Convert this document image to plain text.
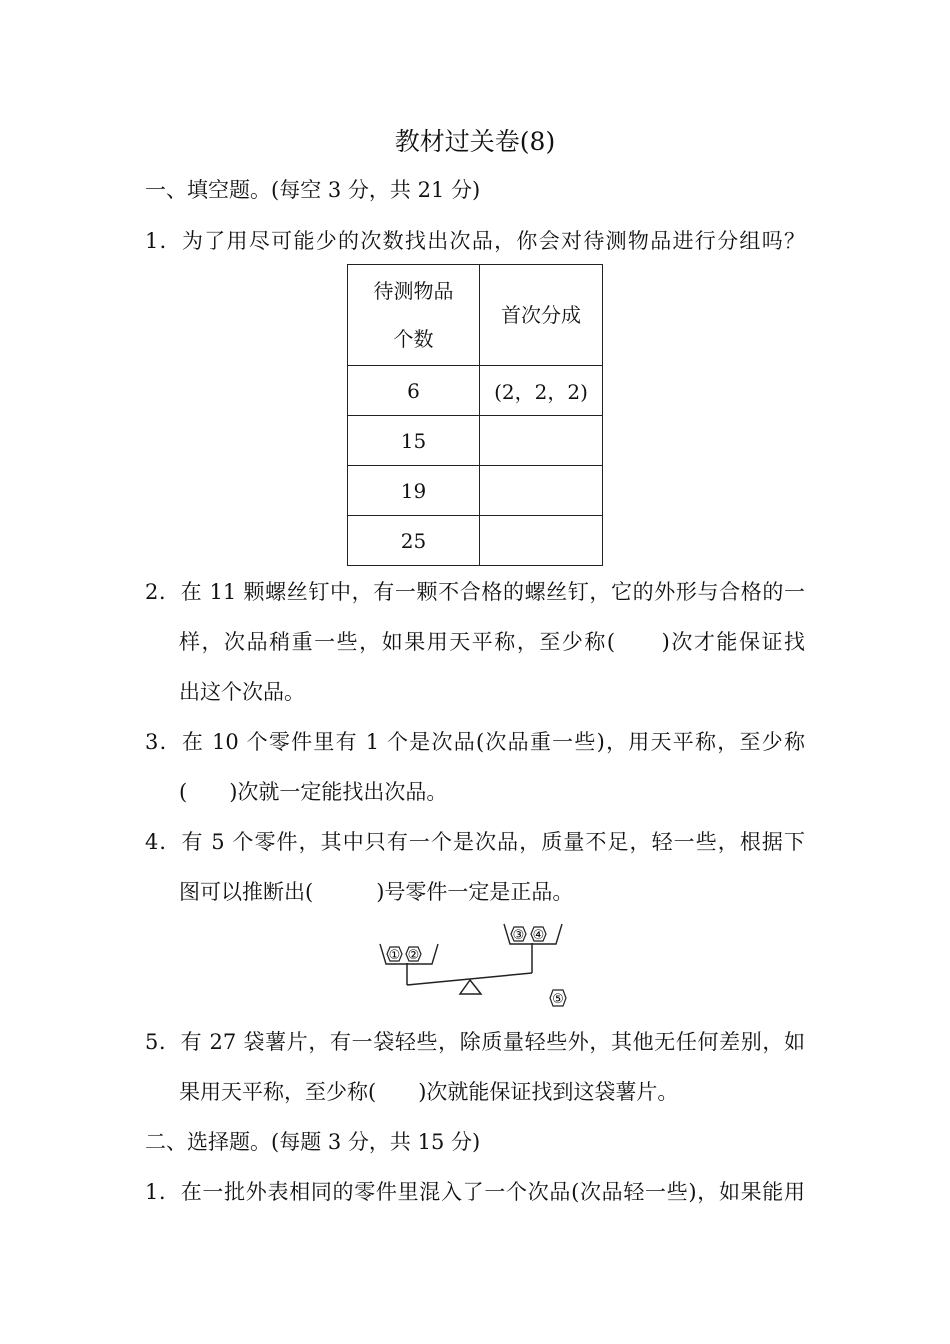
教材过关卷(8)
一、填空题。(每空 3 分，共 21 分)
1．为了用尽可能少的次数找出次品，你会对待测物品进行分组吗？
待测物品
个数	首次分成
6	(2，2，2)
15	
19	
25	
2．在 11 颗螺丝钉中，有一颗不合格的螺丝钉，它的外形与合格的一
样，次品稍重一些，如果用天平称，至少称(　　)次才能保证找
出这个次品。
3．在 10 个零件里有 1 个是次品(次品重一些)，用天平称，至少称
(　　)次就一定能找出次品。
4．有 5 个零件，其中只有一个是次品，质量不足，轻一些，根据下
图可以推断出(　　　)号零件一定是正品。
① ②
③ ④
⑤
5．有 27 袋薯片，有一袋轻些，除质量轻些外，其他无任何差别，如
果用天平称，至少称(　　)次就能保证找到这袋薯片。
二、选择题。(每题 3 分，共 15 分)
1．在一批外表相同的零件里混入了一个次品(次品轻一些)，如果能用
